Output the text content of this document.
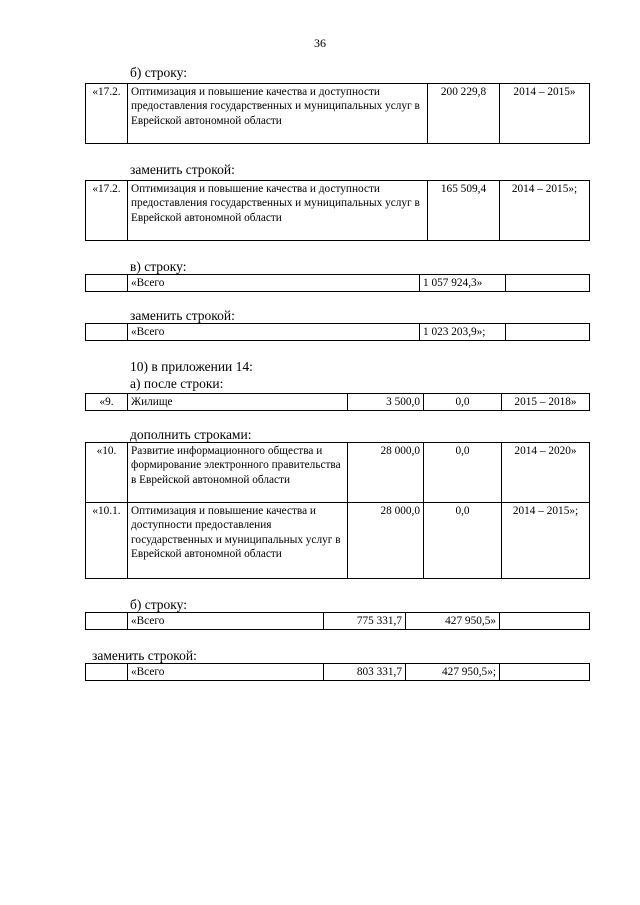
36
б) строку:
«17.2.	Оптимизация и повышение качества и доступности предоставления государственных и муниципальных услуг в Еврейской автономной области	200 229,8	2014 – 2015»
заменить строкой:
«17.2.	Оптимизация и повышение качества и доступности предоставления государственных и муниципальных услуг в Еврейской автономной области	165 509,4	2014 – 2015»;
в) строку:
	«Всего	1 057 924,3»	
заменить строкой:
	«Всего	1 023 203,9»;	
10) в приложении 14:
а) после строки:
«9.	Жилище	3 500,0	0,0	2015 – 2018»
дополнить строками:
«10.	Развитие информационного общества и формирование электронного правительства в Еврейской автономной области	28 000,0	0,0	2014 – 2020»
«10.1.	Оптимизация и повышение качества и доступности предоставления государственных и муниципальных услуг в Еврейской автономной области	28 000,0	0,0	2014 – 2015»;
б) строку:
	«Всего	775 331,7	427 950,5»	
заменить строкой:
	«Всего	803 331,7	427 950,5»;	
